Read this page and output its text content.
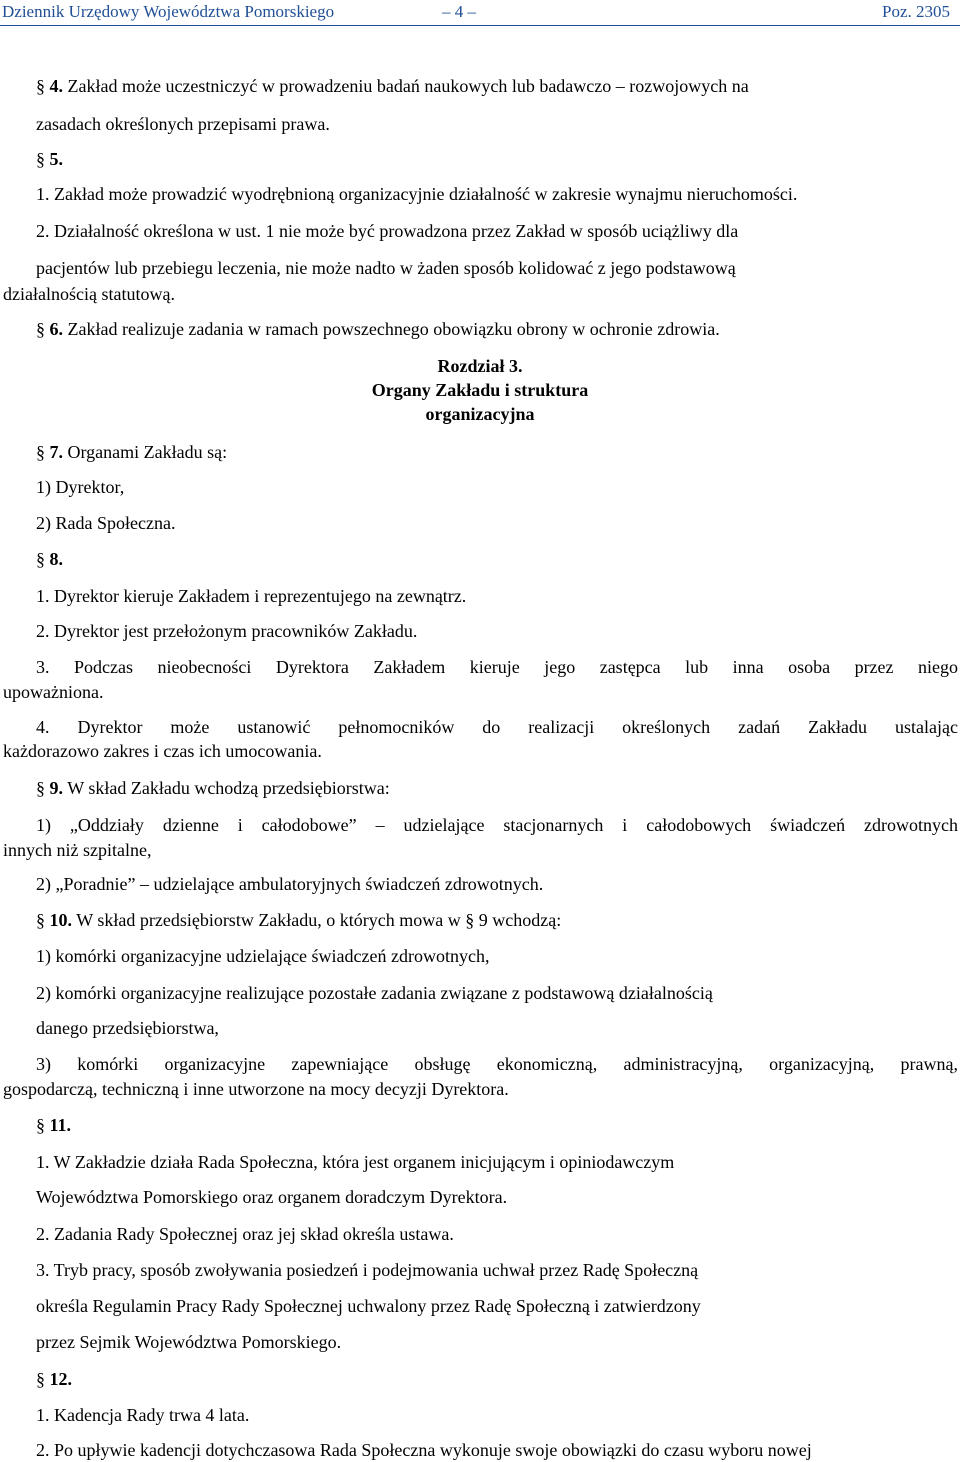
Dziennik Urzędowy Województwa Pomorskiego	– 4 –	Poz. 2305

§ 4. Zakład może uczestniczyć w prowadzeniu badań naukowych lub badawczo – rozwojowych na

zasadach określonych przepisami prawa.

§ 5.

1. Zakład może prowadzić wyodrębnioną organizacyjnie działalność w zakresie wynajmu nieruchomości.

2. Działalność określona w ust. 1 nie może być prowadzona przez Zakład w sposób uciążliwy dla

pacjentów lub przebiegu leczenia, nie może nadto w żaden sposób kolidować z jego podstawową

działalnością statutową.

§ 6. Zakład realizuje zadania w ramach powszechnego obowiązku obrony w ochronie zdrowia.

Rozdział 3.
Organy Zakładu i struktura
organizacyjna

§ 7. Organami Zakładu są:

1) Dyrektor,

2) Rada Społeczna.

§ 8.

1. Dyrektor kieruje Zakładem i reprezentujego na zewnątrz.

2. Dyrektor jest przełożonym pracowników Zakładu.

3. Podczas nieobecności Dyrektora Zakładem kieruje jego zastępca lub inna osoba przez niego

upoważniona.

4. Dyrektor może ustanowić pełnomocników do realizacji określonych zadań Zakładu ustalając

każdorazowo zakres i czas ich umocowania.

§ 9. W skład Zakładu wchodzą przedsiębiorstwa:

1) „Oddziały dzienne i całodobowe” – udzielające stacjonarnych i całodobowych świadczeń zdrowotnych

innych niż szpitalne,

2) „Poradnie” – udzielające ambulatoryjnych świadczeń zdrowotnych.

§ 10. W skład przedsiębiorstw Zakładu, o których mowa w § 9 wchodzą:

1) komórki organizacyjne udzielające świadczeń zdrowotnych,

2) komórki organizacyjne realizujące pozostałe zadania związane z podstawową działalnością

danego przedsiębiorstwa,

3) komórki organizacyjne zapewniające obsługę ekonomiczną, administracyjną, organizacyjną, prawną,

gospodarczą, techniczną i inne utworzone na mocy decyzji Dyrektora.

§ 11.

1. W Zakładzie działa Rada Społeczna, która jest organem inicjującym i opiniodawczym

Województwa Pomorskiego oraz organem doradczym Dyrektora.

2. Zadania Rady Społecznej oraz jej skład określa ustawa.

3. Tryb pracy, sposób zwoływania posiedzeń i podejmowania uchwał przez Radę Społeczną

określa Regulamin Pracy Rady Społecznej uchwalony przez Radę Społeczną i zatwierdzony

przez Sejmik Województwa Pomorskiego.

§ 12.

1. Kadencja Rady trwa 4 lata.

2. Po upływie kadencji dotychczasowa Rada Społeczna wykonuje swoje obowiązki do czasu wyboru nowej
